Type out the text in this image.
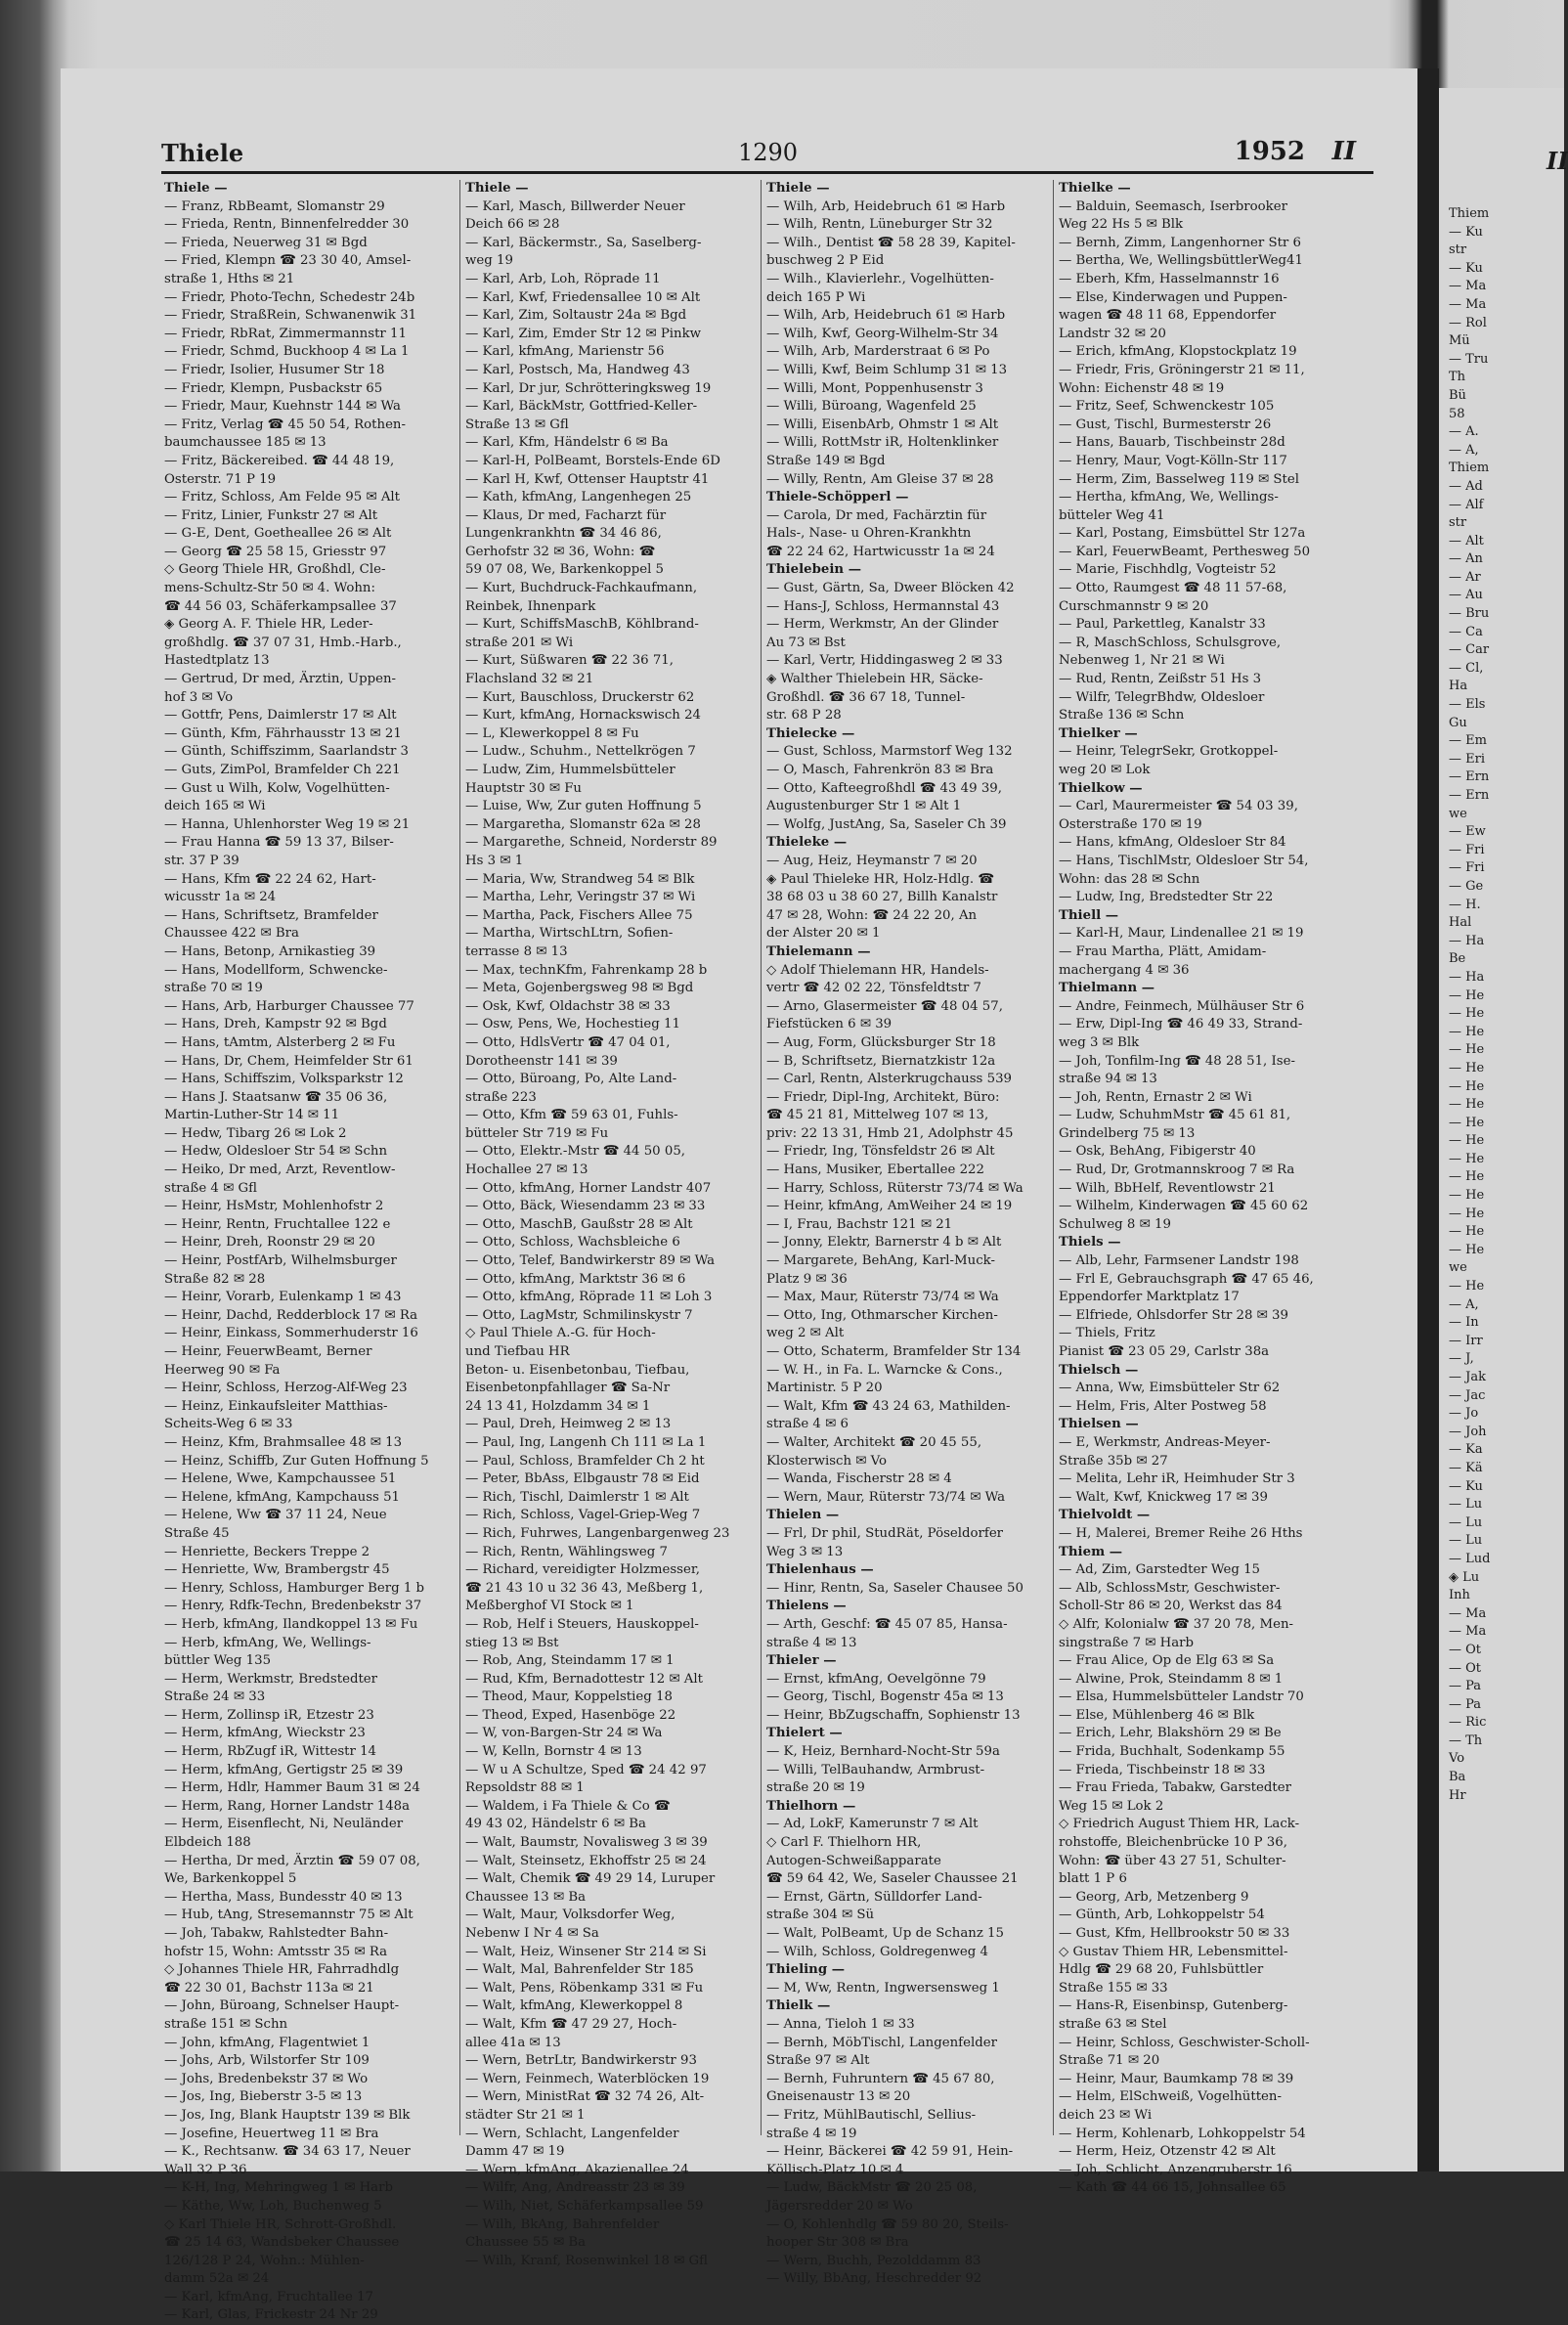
Thiele	1290	1952 II
Thiele —
— Franz, RbBeamt, Slomanstr 29
— Frieda, Rentn, Binnenfelredder 30
— Frieda, Neuerweg 31 ✉ Bgd
— Fried, Klempn ☎ 23 30 40, Amsel-
straße 1, Hths ✉ 21
— Friedr, Photo-Techn, Schedestr 24b
— Friedr, StraßRein, Schwanenwik 31
— Friedr, RbRat, Zimmermannstr 11
— Friedr, Schmd, Buckhoop 4 ✉ La 1
— Friedr, Isolier, Husumer Str 18
— Friedr, Klempn, Pusbackstr 65
— Friedr, Maur, Kuehnstr 144 ✉ Wa
— Fritz, Verlag ☎ 45 50 54, Rothen-
baumchaussee 185 ✉ 13
— Fritz, Bäckereibed. ☎ 44 48 19,
Osterstr. 71 P 19
— Fritz, Schloss, Am Felde 95 ✉ Alt
— Fritz, Linier, Funkstr 27 ✉ Alt
— G-E, Dent, Goetheallee 26 ✉ Alt
— Georg ☎ 25 58 15, Griesstr 97
◇ Georg Thiele HR, Großhdl, Cle-
mens-Schultz-Str 50 ✉ 4. Wohn:
☎ 44 56 03, Schäferkampsallee 37
◈ Georg A. F. Thiele HR, Leder-
großhdlg. ☎ 37 07 31, Hmb.-Harb.,
Hastedtplatz 13
— Gertrud, Dr med, Ärztin, Uppen-
hof 3 ✉ Vo
— Gottfr, Pens, Daimlerstr 17 ✉ Alt
— Günth, Kfm, Fährhausstr 13 ✉ 21
— Günth, Schiffszimm, Saarlandstr 3
— Guts, ZimPol, Bramfelder Ch 221
— Gust u Wilh, Kolw, Vogelhütten-
deich 165 ✉ Wi
— Hanna, Uhlenhorster Weg 19 ✉ 21
— Frau Hanna ☎ 59 13 37, Bilser-
str. 37 P 39
— Hans, Kfm ☎ 22 24 62, Hart-
wicusstr 1a ✉ 24
— Hans, Schriftsetz, Bramfelder
Chaussee 422 ✉ Bra
— Hans, Betonp, Arnikastieg 39
— Hans, Modellform, Schwencke-
straße 70 ✉ 19
— Hans, Arb, Harburger Chaussee 77
— Hans, Dreh, Kampstr 92 ✉ Bgd
— Hans, tAmtm, Alsterberg 2 ✉ Fu
— Hans, Dr, Chem, Heimfelder Str 61
— Hans, Schiffszim, Volksparkstr 12
— Hans J. Staatsanw ☎ 35 06 36,
Martin-Luther-Str 14 ✉ 11
— Hedw, Tibarg 26 ✉ Lok 2
— Hedw, Oldesloer Str 54 ✉ Schn
— Heiko, Dr med, Arzt, Reventlow-
straße 4 ✉ Gfl
— Heinr, HsMstr, Mohlenhofstr 2
— Heinr, Rentn, Fruchtallee 122 e
— Heinr, Dreh, Roonstr 29 ✉ 20
— Heinr, PostfArb, Wilhelmsburger
Straße 82 ✉ 28
— Heinr, Vorarb, Eulenkamp 1 ✉ 43
— Heinr, Dachd, Redderblock 17 ✉ Ra
— Heinr, Einkass, Sommerhuderstr 16
— Heinr, FeuerwBeamt, Berner
Heerweg 90 ✉ Fa
— Heinr, Schloss, Herzog-Alf-Weg 23
— Heinz, Einkaufsleiter Matthias-
Scheits-Weg 6 ✉ 33
— Heinz, Kfm, Brahmsallee 48 ✉ 13
— Heinz, Schiffb, Zur Guten Hoffnung 5
— Helene, Wwe, Kampchaussee 51
— Helene, kfmAng, Kampchauss 51
— Helene, Ww ☎ 37 11 24, Neue
Straße 45
— Henriette, Beckers Treppe 2
— Henriette, Ww, Brambergstr 45
— Henry, Schloss, Hamburger Berg 1 b
— Henry, Rdfk-Techn, Bredenbekstr 37
— Herb, kfmAng, Ilandkoppel 13 ✉ Fu
— Herb, kfmAng, We, Wellings-
büttler Weg 135
— Herm, Werkmstr, Bredstedter
Straße 24 ✉ 33
— Herm, Zollinsp iR, Etzestr 23
— Herm, kfmAng, Wieckstr 23
— Herm, RbZugf iR, Wittestr 14
— Herm, kfmAng, Gertigstr 25 ✉ 39
— Herm, Hdlr, Hammer Baum 31 ✉ 24
— Herm, Rang, Horner Landstr 148a
— Herm, Eisenflecht, Ni, Neuländer
Elbdeich 188
— Hertha, Dr med, Ärztin ☎ 59 07 08,
We, Barkenkoppel 5
— Hertha, Mass, Bundesstr 40 ✉ 13
— Hub, tAng, Stresemannstr 75 ✉ Alt
— Joh, Tabakw, Rahlstedter Bahn-
hofstr 15, Wohn: Amtsstr 35 ✉ Ra
◇ Johannes Thiele HR, Fahrradhdlg
☎ 22 30 01, Bachstr 113a ✉ 21
— John, Büroang, Schnelser Haupt-
straße 151 ✉ Schn
— John, kfmAng, Flagentwiet 1
— Johs, Arb, Wilstorfer Str 109
— Johs, Bredenbekstr 37 ✉ Wo
— Jos, Ing, Bieberstr 3-5 ✉ 13
— Jos, Ing, Blank Hauptstr 139 ✉ Blk
— Josefine, Heuertweg 11 ✉ Bra
— K., Rechtsanw. ☎ 34 63 17, Neuer
Wall 32 P 36
— K-H, Ing, Mehringweg 1 ✉ Harb
— Käthe, Ww, Loh, Buchenweg 5
◇ Karl Thiele HR, Schrott-Großhdl.
☎ 25 14 63, Wandsbeker Chaussee
126/128 P 24, Wohn.: Mühlen-
damm 52a ✉ 24
— Karl, kfmAng, Fruchtallee 17
— Karl, Glas, Frickestr 24 Nr 29
Thiele —
— Karl, Masch, Billwerder Neuer
Deich 66 ✉ 28
— Karl, Bäckermstr., Sa, Saselberg-
weg 19
— Karl, Arb, Loh, Röprade 11
— Karl, Kwf, Friedensallee 10 ✉ Alt
— Karl, Zim, Soltaustr 24a ✉ Bgd
— Karl, Zim, Emder Str 12 ✉ Pinkw
— Karl, kfmAng, Marienstr 56
— Karl, Postsch, Ma, Handweg 43
— Karl, Dr jur, Schrötteringksweg 19
— Karl, BäckMstr, Gottfried-Keller-
Straße 13 ✉ Gfl
— Karl, Kfm, Händelstr 6 ✉ Ba
— Karl-H, PolBeamt, Borstels-Ende 6D
— Karl H, Kwf, Ottenser Hauptstr 41
— Kath, kfmAng, Langenhegen 25
— Klaus, Dr med, Facharzt für
Lungenkrankhtn ☎ 34 46 86,
Gerhofstr 32 ✉ 36, Wohn: ☎
59 07 08, We, Barkenkoppel 5
— Kurt, Buchdruck-Fachkaufmann,
Reinbek, Ihnenpark
— Kurt, SchiffsMaschB, Köhlbrand-
straße 201 ✉ Wi
— Kurt, Süßwaren ☎ 22 36 71,
Flachsland 32 ✉ 21
— Kurt, Bauschloss, Druckerstr 62
— Kurt, kfmAng, Hornackswisch 24
— L, Klewerkoppel 8 ✉ Fu
— Ludw., Schuhm., Nettelkrögen 7
— Ludw, Zim, Hummelsbütteler
Hauptstr 30 ✉ Fu
— Luise, Ww, Zur guten Hoffnung 5
— Margaretha, Slomanstr 62a ✉ 28
— Margarethe, Schneid, Norderstr 89
Hs 3 ✉ 1
— Maria, Ww, Strandweg 54 ✉ Blk
— Martha, Lehr, Veringstr 37 ✉ Wi
— Martha, Pack, Fischers Allee 75
— Martha, WirtschLtrn, Sofien-
terrasse 8 ✉ 13
— Max, technKfm, Fahrenkamp 28 b
— Meta, Gojenbergsweg 98 ✉ Bgd
— Osk, Kwf, Oldachstr 38 ✉ 33
— Osw, Pens, We, Hochestieg 11
— Otto, HdlsVertr ☎ 47 04 01,
Dorotheenstr 141 ✉ 39
— Otto, Büroang, Po, Alte Land-
straße 223
— Otto, Kfm ☎ 59 63 01, Fuhls-
bütteler Str 719 ✉ Fu
— Otto, Elektr.-Mstr ☎ 44 50 05,
Hochallee 27 ✉ 13
— Otto, kfmAng, Horner Landstr 407
— Otto, Bäck, Wiesendamm 23 ✉ 33
— Otto, MaschB, Gaußstr 28 ✉ Alt
— Otto, Schloss, Wachsbleiche 6
— Otto, Telef, Bandwirkerstr 89 ✉ Wa
— Otto, kfmAng, Marktstr 36 ✉ 6
— Otto, kfmAng, Röprade 11 ✉ Loh 3
— Otto, LagMstr, Schmilinskystr 7
◇ Paul Thiele A.-G. für Hoch-
und Tiefbau HR
Beton- u. Eisenbetonbau, Tiefbau,
Eisenbetonpfahllager ☎ Sa-Nr
24 13 41, Holzdamm 34 ✉ 1
— Paul, Dreh, Heimweg 2 ✉ 13
— Paul, Ing, Langenh Ch 111 ✉ La 1
— Paul, Schloss, Bramfelder Ch 2 ht
— Peter, BbAss, Elbgaustr 78 ✉ Eid
— Rich, Tischl, Daimlerstr 1 ✉ Alt
— Rich, Schloss, Vagel-Griep-Weg 7
— Rich, Fuhrwes, Langenbargenweg 23
— Rich, Rentn, Wählingsweg 7
— Richard, vereidigter Holzmesser,
☎ 21 43 10 u 32 36 43, Meßberg 1,
Meßberghof VI Stock ✉ 1
— Rob, Helf i Steuers, Hauskoppel-
stieg 13 ✉ Bst
— Rob, Ang, Steindamm 17 ✉ 1
— Rud, Kfm, Bernadottestr 12 ✉ Alt
— Theod, Maur, Koppelstieg 18
— Theod, Exped, Hasenböge 22
— W, von-Bargen-Str 24 ✉ Wa
— W, Kelln, Bornstr 4 ✉ 13
— W u A Schultze, Sped ☎ 24 42 97
Repsoldstr 88 ✉ 1
— Waldem, i Fa Thiele & Co ☎
49 43 02, Händelstr 6 ✉ Ba
— Walt, Baumstr, Novalisweg 3 ✉ 39
— Walt, Steinsetz, Ekhoffstr 25 ✉ 24
— Walt, Chemik ☎ 49 29 14, Luruper
Chaussee 13 ✉ Ba
— Walt, Maur, Volksdorfer Weg,
Nebenw I Nr 4 ✉ Sa
— Walt, Heiz, Winsener Str 214 ✉ Si
— Walt, Mal, Bahrenfelder Str 185
— Walt, Pens, Röbenkamp 331 ✉ Fu
— Walt, kfmAng, Klewerkoppel 8
— Walt, Kfm ☎ 47 29 27, Hoch-
allee 41a ✉ 13
— Wern, BetrLtr, Bandwirkerstr 93
— Wern, Feinmech, Waterblöcken 19
— Wern, MinistRat ☎ 32 74 26, Alt-
städter Str 21 ✉ 1
— Wern, Schlacht, Langenfelder
Damm 47 ✉ 19
— Wern, kfmAng, Akazienallee 24
— Wilfr, Ang, Andreasstr 23 ✉ 39
— Wilh, Niet, Schäferkampsallee 59
— Wilh, BkAng, Bahrenfelder
Chaussee 55 ✉ Ba
— Wilh, Kranf, Rosenwinkel 18 ✉ Gfl
Thiele —
— Wilh, Arb, Heidebruch 61 ✉ Harb
— Wilh, Rentn, Lüneburger Str 32
— Wilh., Dentist ☎ 58 28 39, Kapitel-
buschweg 2 P Eid
— Wilh., Klavierlehr., Vogelhütten-
deich 165 P Wi
— Wilh, Arb, Heidebruch 61 ✉ Harb
— Wilh, Kwf, Georg-Wilhelm-Str 34
— Wilh, Arb, Marderstraat 6 ✉ Po
— Willi, Kwf, Beim Schlump 31 ✉ 13
— Willi, Mont, Poppenhusenstr 3
— Willi, Büroang, Wagenfeld 25
— Willi, EisenbArb, Ohmstr 1 ✉ Alt
— Willi, RottMstr iR, Holtenklinker
Straße 149 ✉ Bgd
— Willy, Rentn, Am Gleise 37 ✉ 28
Thiele-Schöpperl —
— Carola, Dr med, Fachärztin für
Hals-, Nase- u Ohren-Krankhtn
☎ 22 24 62, Hartwicusstr 1a ✉ 24
Thielebein —
— Gust, Gärtn, Sa, Dweer Blöcken 42
— Hans-J, Schloss, Hermannstal 43
— Herm, Werkmstr, An der Glinder
Au 73 ✉ Bst
— Karl, Vertr, Hiddingasweg 2 ✉ 33
◈ Walther Thielebein HR, Säcke-
Großhdl. ☎ 36 67 18, Tunnel-
str. 68 P 28
Thielecke —
— Gust, Schloss, Marmstorf Weg 132
— O, Masch, Fahrenkrön 83 ✉ Bra
— Otto, Kafteegroßhdl ☎ 43 49 39,
Augustenburger Str 1 ✉ Alt 1
— Wolfg, JustAng, Sa, Saseler Ch 39
Thieleke —
— Aug, Heiz, Heymanstr 7 ✉ 20
◈ Paul Thieleke HR, Holz-Hdlg. ☎
38 68 03 u 38 60 27, Billh Kanalstr
47 ✉ 28, Wohn: ☎ 24 22 20, An
der Alster 20 ✉ 1
Thielemann —
◇ Adolf Thielemann HR, Handels-
vertr ☎ 42 02 22, Tönsfeldtstr 7
— Arno, Glasermeister ☎ 48 04 57,
Fiefstücken 6 ✉ 39
— Aug, Form, Glücksburger Str 18
— B, Schriftsetz, Biernatzkistr 12a
— Carl, Rentn, Alsterkrugchauss 539
— Friedr, Dipl-Ing, Architekt, Büro:
☎ 45 21 81, Mittelweg 107 ✉ 13,
priv: 22 13 31, Hmb 21, Adolphstr 45
— Friedr, Ing, Tönsfeldstr 26 ✉ Alt
— Hans, Musiker, Ebertallee 222
— Harry, Schloss, Rüterstr 73/74 ✉ Wa
— Heinr, kfmAng, AmWeiher 24 ✉ 19
— I, Frau, Bachstr 121 ✉ 21
— Jonny, Elektr, Barnerstr 4 b ✉ Alt
— Margarete, BehAng, Karl-Muck-
Platz 9 ✉ 36
— Max, Maur, Rüterstr 73/74 ✉ Wa
— Otto, Ing, Othmarscher Kirchen-
weg 2 ✉ Alt
— Otto, Schaterm, Bramfelder Str 134
— W. H., in Fa. L. Warncke & Cons.,
Martinistr. 5 P 20
— Walt, Kfm ☎ 43 24 63, Mathilden-
straße 4 ✉ 6
— Walter, Architekt ☎ 20 45 55,
Klosterwisch ✉ Vo
— Wanda, Fischerstr 28 ✉ 4
— Wern, Maur, Rüterstr 73/74 ✉ Wa
Thielen —
— Frl, Dr phil, StudRät, Pöseldorfer
Weg 3 ✉ 13
Thielenhaus —
— Hinr, Rentn, Sa, Saseler Chausee 50
Thielens —
— Arth, Geschf: ☎ 45 07 85, Hansa-
straße 4 ✉ 13
Thieler —
— Ernst, kfmAng, Oevelgönne 79
— Georg, Tischl, Bogenstr 45a ✉ 13
— Heinr, BbZugschaffn, Sophienstr 13
Thielert —
— K, Heiz, Bernhard-Nocht-Str 59a
— Willi, TelBauhandw, Armbrust-
straße 20 ✉ 19
Thielhorn —
— Ad, LokF, Kamerunstr 7 ✉ Alt
◇ Carl F. Thielhorn HR,
Autogen-Schweißapparate
☎ 59 64 42, We, Saseler Chaussee 21
— Ernst, Gärtn, Sülldorfer Land-
straße 304 ✉ Sü
— Walt, PolBeamt, Up de Schanz 15
— Wilh, Schloss, Goldregenweg 4
Thieling —
— M, Ww, Rentn, Ingwersensweg 1
Thielk —
— Anna, Tieloh 1 ✉ 33
— Bernh, MöbTischl, Langenfelder
Straße 97 ✉ Alt
— Bernh, Fuhruntern ☎ 45 67 80,
Gneisenaustr 13 ✉ 20
— Fritz, MühlBautischl, Sellius-
straße 4 ✉ 19
— Heinr, Bäckerei ☎ 42 59 91, Hein-
Köllisch-Platz 10 ✉ 4
— Ludw, BäckMstr ☎ 20 25 08,
Jägersredder 20 ✉ Wo
— O, Kohlenhdlg ☎ 59 80 20, Steils-
hooper Str 308 ✉ Bra
— Wern, Buchh, Pezolddamm 83
— Willy, BbAng, Heschredder 92
Thielke —
— Balduin, Seemasch, Iserbrooker
Weg 22 Hs 5 ✉ Blk
— Bernh, Zimm, Langenhorner Str 6
— Bertha, We, WellingsbüttlerWeg41
— Eberh, Kfm, Hasselmannstr 16
— Else, Kinderwagen und Puppen-
wagen ☎ 48 11 68, Eppendorfer
Landstr 32 ✉ 20
— Erich, kfmAng, Klopstockplatz 19
— Friedr, Fris, Gröningerstr 21 ✉ 11,
Wohn: Eichenstr 48 ✉ 19
— Fritz, Seef, Schwenckestr 105
— Gust, Tischl, Burmesterstr 26
— Hans, Bauarb, Tischbeinstr 28d
— Henry, Maur, Vogt-Kölln-Str 117
— Herm, Zim, Basselweg 119 ✉ Stel
— Hertha, kfmAng, We, Wellings-
bütteler Weg 41
— Karl, Postang, Eimsbüttel Str 127a
— Karl, FeuerwBeamt, Perthesweg 50
— Marie, Fischhdlg, Vogteistr 52
— Otto, Raumgest ☎ 48 11 57-68,
Curschmannstr 9 ✉ 20
— Paul, Parkettleg, Kanalstr 33
— R, MaschSchloss, Schulsgrove,
Nebenweg 1, Nr 21 ✉ Wi
— Rud, Rentn, Zeißstr 51 Hs 3
— Wilfr, TelegrBhdw, Oldesloer
Straße 136 ✉ Schn
Thielker —
— Heinr, TelegrSekr, Grotkoppel-
weg 20 ✉ Lok
Thielkow —
— Carl, Maurermeister ☎ 54 03 39,
Osterstraße 170 ✉ 19
— Hans, kfmAng, Oldesloer Str 84
— Hans, TischlMstr, Oldesloer Str 54,
Wohn: das 28 ✉ Schn
— Ludw, Ing, Bredstedter Str 22
Thiell —
— Karl-H, Maur, Lindenallee 21 ✉ 19
— Frau Martha, Plätt, Amidam-
machergang 4 ✉ 36
Thielmann —
— Andre, Feinmech, Mülhäuser Str 6
— Erw, Dipl-Ing ☎ 46 49 33, Strand-
weg 3 ✉ Blk
— Joh, Tonfilm-Ing ☎ 48 28 51, Ise-
straße 94 ✉ 13
— Joh, Rentn, Ernastr 2 ✉ Wi
— Ludw, SchuhmMstr ☎ 45 61 81,
Grindelberg 75 ✉ 13
— Osk, BehAng, Fibigerstr 40
— Rud, Dr, Grotmannskroog 7 ✉ Ra
— Wilh, BbHelf, Reventlowstr 21
— Wilhelm, Kinderwagen ☎ 45 60 62
Schulweg 8 ✉ 19
Thiels —
— Alb, Lehr, Farmsener Landstr 198
— Frl E, Gebrauchsgraph ☎ 47 65 46,
Eppendorfer Marktplatz 17
— Elfriede, Ohlsdorfer Str 28 ✉ 39
— Thiels, Fritz
Pianist ☎ 23 05 29, Carlstr 38a
Thielsch —
— Anna, Ww, Eimsbütteler Str 62
— Helm, Fris, Alter Postweg 58
Thielsen —
— E, Werkmstr, Andreas-Meyer-
Straße 35b ✉ 27
— Melita, Lehr iR, Heimhuder Str 3
— Walt, Kwf, Knickweg 17 ✉ 39
Thielvoldt —
— H, Malerei, Bremer Reihe 26 Hths
Thiem —
— Ad, Zim, Garstedter Weg 15
— Alb, SchlossMstr, Geschwister-
Scholl-Str 86 ✉ 20, Werkst das 84
◇ Alfr, Kolonialw ☎ 37 20 78, Men-
singstraße 7 ✉ Harb
— Frau Alice, Op de Elg 63 ✉ Sa
— Alwine, Prok, Steindamm 8 ✉ 1
— Elsa, Hummelsbütteler Landstr 70
— Else, Mühlenberg 46 ✉ Blk
— Erich, Lehr, Blakshörn 29 ✉ Be
— Frida, Buchhalt, Sodenkamp 55
— Frieda, Tischbeinstr 18 ✉ 33
— Frau Frieda, Tabakw, Garstedter
Weg 15 ✉ Lok 2
◇ Friedrich August Thiem HR, Lack-
rohstoffe, Bleichenbrücke 10 P 36,
Wohn: ☎ über 43 27 51, Schulter-
blatt 1 P 6
— Georg, Arb, Metzenberg 9
— Günth, Arb, Lohkoppelstr 54
— Gust, Kfm, Hellbrookstr 50 ✉ 33
◇ Gustav Thiem HR, Lebensmittel-
Hdlg ☎ 29 68 20, Fuhlsbüttler
Straße 155 ✉ 33
— Hans-R, Eisenbinsp, Gutenberg-
straße 63 ✉ Stel
— Heinr, Schloss, Geschwister-Scholl-
Straße 71 ✉ 20
— Heinr, Maur, Baumkamp 78 ✉ 39
— Helm, ElSchweiß, Vogelhütten-
deich 23 ✉ Wi
— Herm, Kohlenarb, Lohkoppelstr 54
— Herm, Heiz, Otzenstr 42 ✉ Alt
— Joh, Schlicht, Anzengruberstr 16
— Kath ☎ 44 66 15, Johnsallee 65
II
Thiem
— Ku
str
— Ku
— Ma
— Ma
— Rol
Mü
— Tru
Th
Bü
58
— A.
— A,
Thiem
— Ad
— Alf
str
— Alt
— An
— Ar
— Au
— Bru
— Ca
— Car
— Cl,
Ha
— Els
Gu
— Em
— Eri
— Ern
— Ern
we
— Ew
— Fri
— Fri
— Ge
— H.
Hal
— Ha
Be
— Ha
— He
— He
— He
— He
— He
— He
— He
— He
— He
— He
— He
— He
— He
— He
— He
we
— He
— A,
— In
— Irr
— J,
— Jak
— Jac
— Jo
— Joh
— Ka
— Kä
— Ku
— Lu
— Lu
— Lu
— Lud
◈ Lu
Inh
— Ma
— Ma
— Ot
— Ot
— Pa
— Pa
— Ric
— Th
Vo
Ba
Hr
